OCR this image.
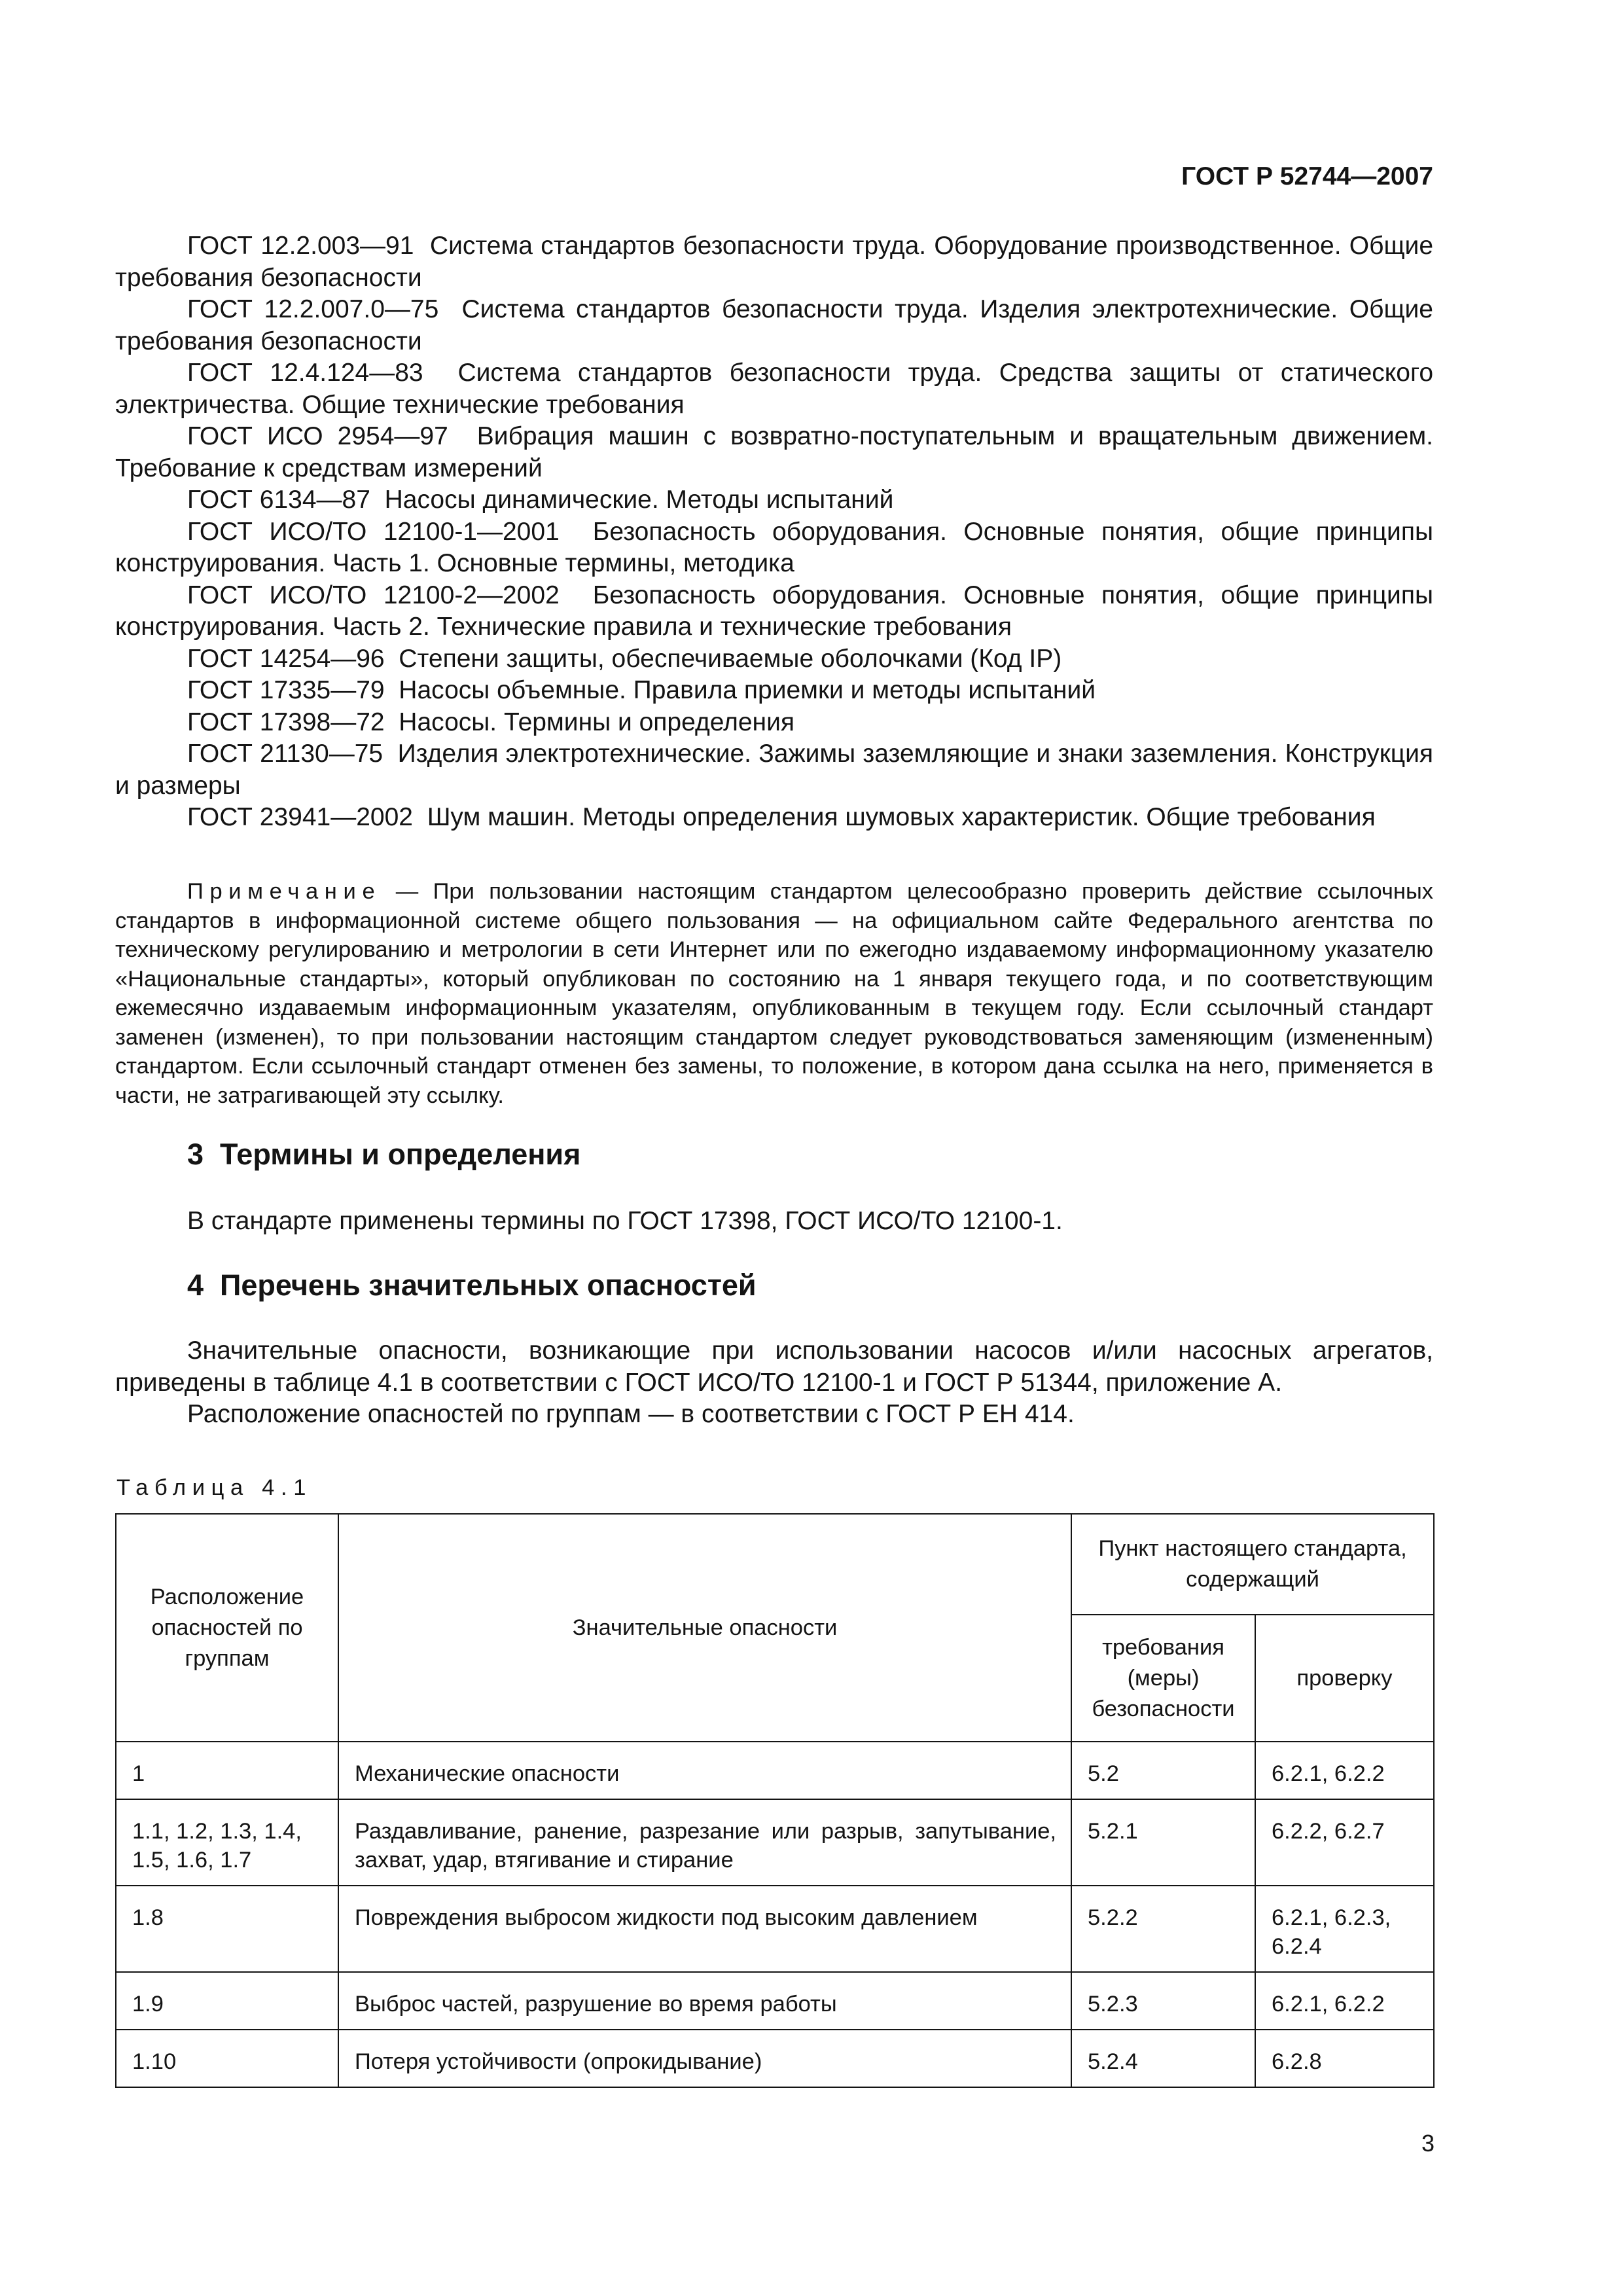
ГОСТ Р 52744—2007
ГОСТ 12.2.003—91 Система стандартов безопасности труда. Оборудование производственное. Общие требования безопасности
ГОСТ 12.2.007.0—75 Система стандартов безопасности труда. Изделия электротехнические. Общие требования безопасности
ГОСТ 12.4.124—83 Система стандартов безопасности труда. Средства защиты от статического электричества. Общие технические требования
ГОСТ ИСО 2954—97 Вибрация машин с возвратно-поступательным и вращательным движением. Требование к средствам измерений
ГОСТ 6134—87 Насосы динамические. Методы испытаний
ГОСТ ИСО/ТО 12100-1—2001 Безопасность оборудования. Основные понятия, общие принципы конструирования. Часть 1. Основные термины, методика
ГОСТ ИСО/ТО 12100-2—2002 Безопасность оборудования. Основные понятия, общие принципы конструирования. Часть 2. Технические правила и технические требования
ГОСТ 14254—96 Степени защиты, обеспечиваемые оболочками (Код IP)
ГОСТ 17335—79 Насосы объемные. Правила приемки и методы испытаний
ГОСТ 17398—72 Насосы. Термины и определения
ГОСТ 21130—75 Изделия электротехнические. Зажимы заземляющие и знаки заземления. Конструкция и размеры
ГОСТ 23941—2002 Шум машин. Методы определения шумовых характеристик. Общие требования
Примечание — При пользовании настоящим стандартом целесообразно проверить действие ссылочных стандартов в информационной системе общего пользования — на официальном сайте Федерального агентства по техническому регулированию и метрологии в сети Интернет или по ежегодно издаваемому информационному указателю «Национальные стандарты», который опубликован по состоянию на 1 января текущего года, и по соответствующим ежемесячно издаваемым информационным указателям, опубликованным в текущем году. Если ссылочный стандарт заменен (изменен), то при пользовании настоящим стандартом следует руководствоваться заменяющим (измененным) стандартом. Если ссылочный стандарт отменен без замены, то положение, в котором дана ссылка на него, применяется в части, не затрагивающей эту ссылку.
3 Термины и определения
В стандарте применены термины по ГОСТ 17398, ГОСТ ИСО/ТО 12100-1.
4 Перечень значительных опасностей

Значительные опасности, возникающие при использовании насосов и/или насосных агрегатов, приведены в таблице 4.1 в соответствии с ГОСТ ИСО/ТО 12100-1 и ГОСТ Р 51344, приложение А.

Расположение опасностей по группам — в соответствии с ГОСТ Р ЕН 414.

Таблица 4.1
Расположение опасностей по группам	Значительные опасности	Пункт настоящего стандарта, содержащий	
		требования (меры) безопасности	проверку
1	Механические опасности	5.2	6.2.1, 6.2.2
1.1, 1.2, 1.3, 1.4, 1.5, 1.6, 1.7	Раздавливание, ранение, разрезание или разрыв, запутывание, захват, удар, втягивание и стирание	5.2.1	6.2.2, 6.2.7
1.8	Повреждения выбросом жидкости под высоким давлением	5.2.2	6.2.1, 6.2.3, 6.2.4
1.9	Выброс частей, разрушение во время работы	5.2.3	6.2.1, 6.2.2
1.10	Потеря устойчивости (опрокидывание)	5.2.4	6.2.8
3
